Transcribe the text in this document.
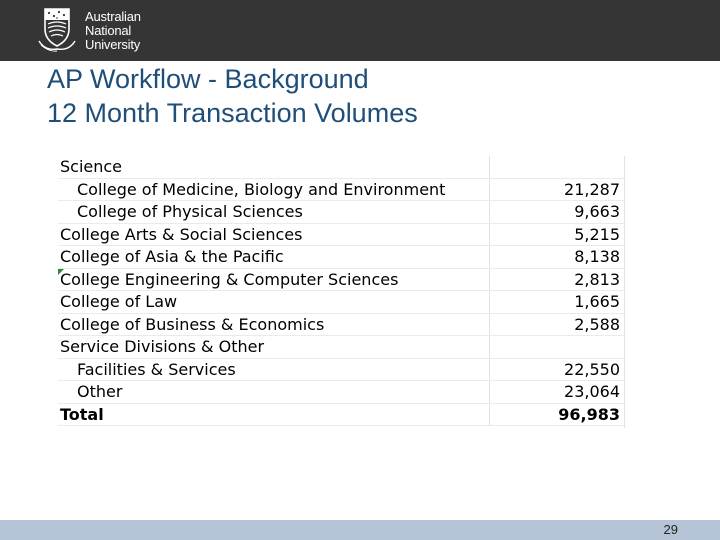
Australian
National
University
AP Workflow - Background
12 Month Transaction Volumes
Science	
College of Medicine, Biology and Environment	21,287
College of Physical Sciences	9,663
College Arts & Social Sciences	5,215
College of Asia & the Pacific	8,138
College Engineering & Computer Sciences	2,813
College of Law	1,665
College of Business & Economics	2,588
Service Divisions & Other	
Facilities & Services	22,550
Other	23,064
Total	96,983
29
